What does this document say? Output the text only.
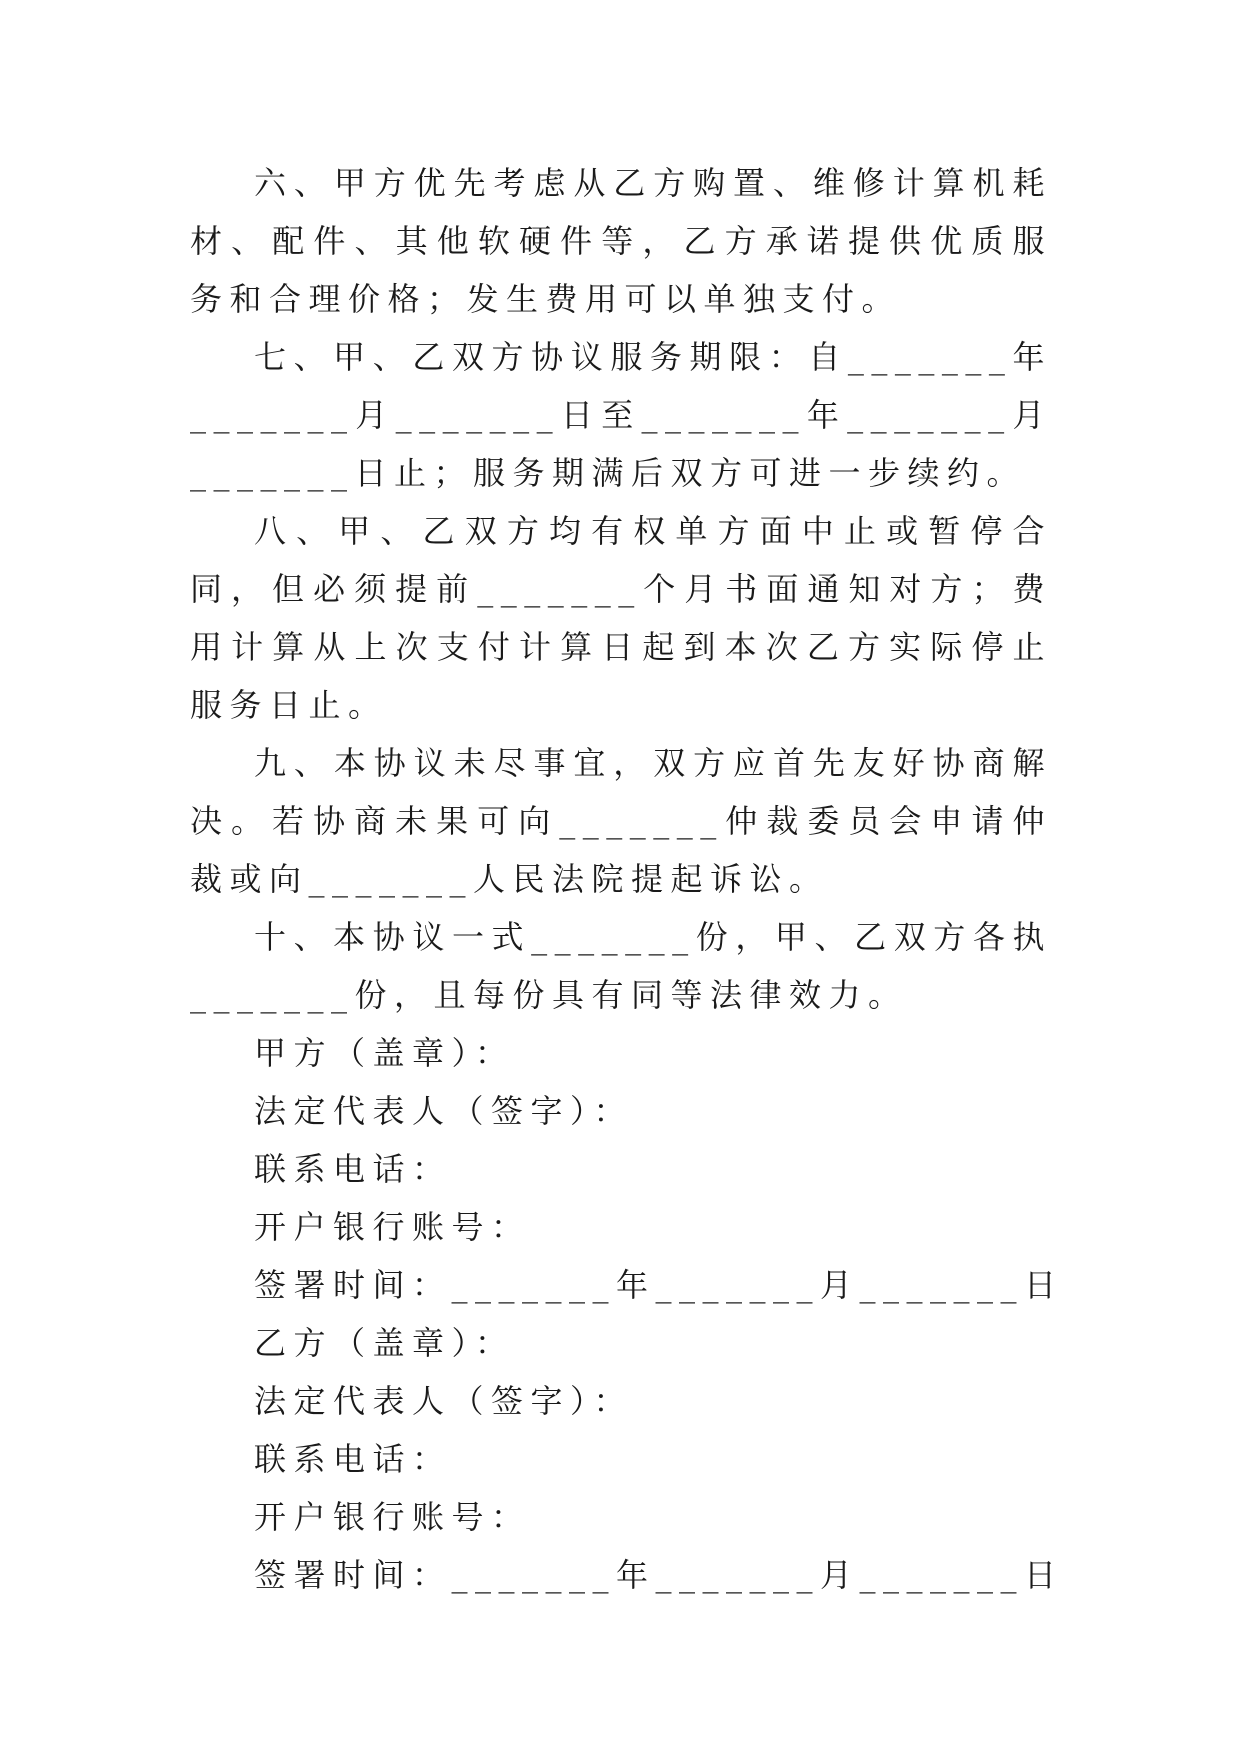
六、甲方优先考虑从乙方购置、维修计算机耗材、配件、其他软硬件等，乙方承诺提供优质服务和合理价格；发生费用可以单独支付。

七、甲、乙双方协议服务期限：自_______年_______月_______日至_______年_______月_______日止；服务期满后双方可进一步续约。

八、甲、乙双方均有权单方面中止或暂停合同，但必须提前_______个月书面通知对方；费用计算从上次支付计算日起到本次乙方实际停止服务日止。

九、本协议未尽事宜，双方应首先友好协商解决。若协商未果可向_______仲裁委员会申请仲裁或向_______人民法院提起诉讼。

十、本协议一式_______份，甲、乙双方各执_______份，且每份具有同等法律效力。

甲方（盖章）：

法定代表人（签字）：

联系电话：

开户银行账号：

签署时间：_______年_______月_______日

乙方（盖章）：

法定代表人（签字）：

联系电话：

开户银行账号：

签署时间：_______年_______月_______日
